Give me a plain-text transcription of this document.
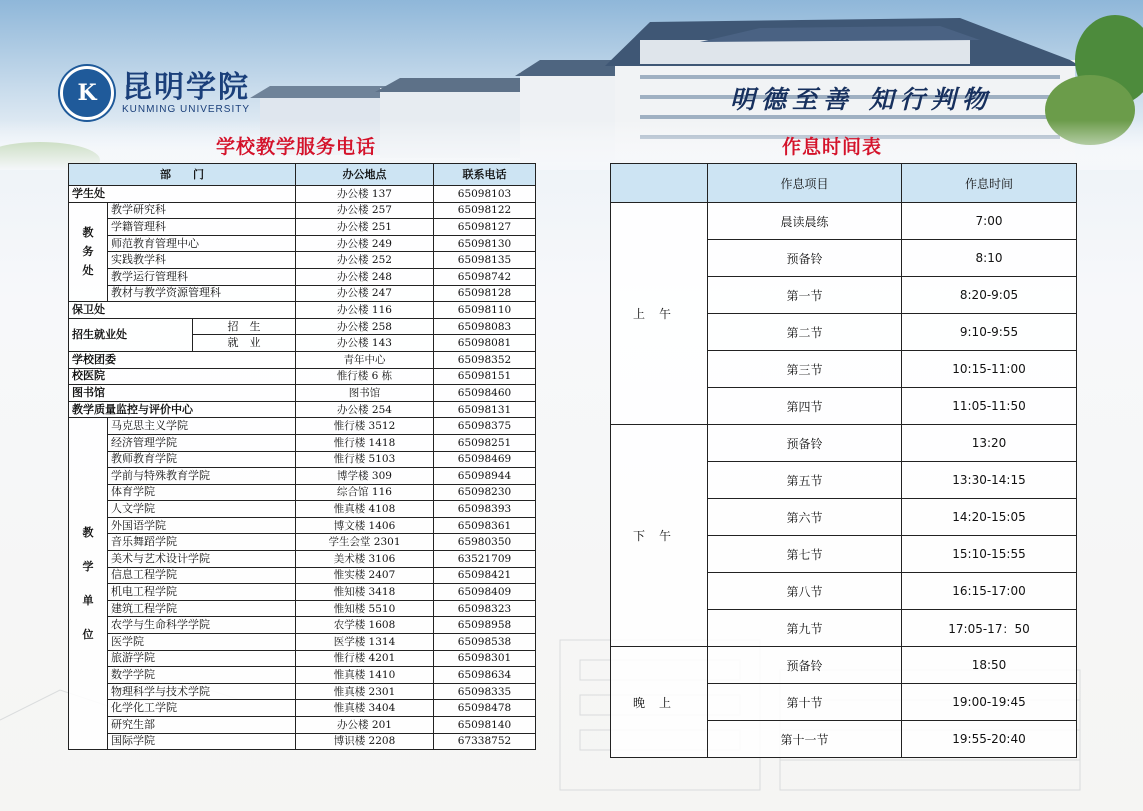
K 昆明学院
KUNMING UNIVERSITY	明德至善 知行判物
学校教学服务电话	作息时间表
部　　门			办公地点	联系电话
学生处			办公楼 137	65098103
教
务
处	教学研究科		办公楼 257	65098122
	学籍管理科		办公楼 251	65098127
	师范教育管理中心		办公楼 249	65098130
	实践教学科		办公楼 252	65098135
	教学运行管理科		办公楼 248	65098742
	教材与教学资源管理科		办公楼 247	65098128
保卫处			办公楼 116	65098110
招生就业处		招　生	办公楼 258	65098083
		就　业	办公楼 143	65098081
学校团委			青年中心	65098352
校医院			惟行楼 6 栋	65098151
图书馆			图书馆	65098460
教学质量监控与评价中心			办公楼 254	65098131
教
学
单
位	马克思主义学院		惟行楼 3512	65098375
	经济管理学院		惟行楼 1418	65098251
	教师教育学院		惟行楼 5103	65098469
	学前与特殊教育学院		博学楼 309	65098944
	体育学院		综合馆 116	65098230
	人文学院		惟真楼 4108	65098393
	外国语学院		博文楼 1406	65098361
	音乐舞蹈学院		学生会堂 2301	65980350
	美术与艺术设计学院		美术楼 3106	63521709
	信息工程学院		惟实楼 2407	65098421
	机电工程学院		惟知楼 3418	65098409
	建筑工程学院		惟知楼 5510	65098323
	农学与生命科学学院		农学楼 1608	65098958
	医学院		医学楼 1314	65098538
	旅游学院		惟行楼 4201	65098301
	数学学院		惟真楼 1410	65098634
	物理科学与技术学院		惟真楼 2301	65098335
	化学化工学院		惟真楼 3404	65098478
	研究生部		办公楼 201	65098140
	国际学院		博识楼 2208	67338752
	作息项目	作息时间
上午	晨读晨练	7:00
	预备铃	8:10
	第一节	8:20-9:05
	第二节	9:10-9:55
	第三节	10:15-11:00
	第四节	11:05-11:50
下午	预备铃	13:20
	第五节	13:30-14:15
	第六节	14:20-15:05
	第七节	15:10-15:55
	第八节	16:15-17:00
	第九节	17:05-17：50
晚上	预备铃	18:50
	第十节	19:00-19:45
	第十一节	19:55-20:40
